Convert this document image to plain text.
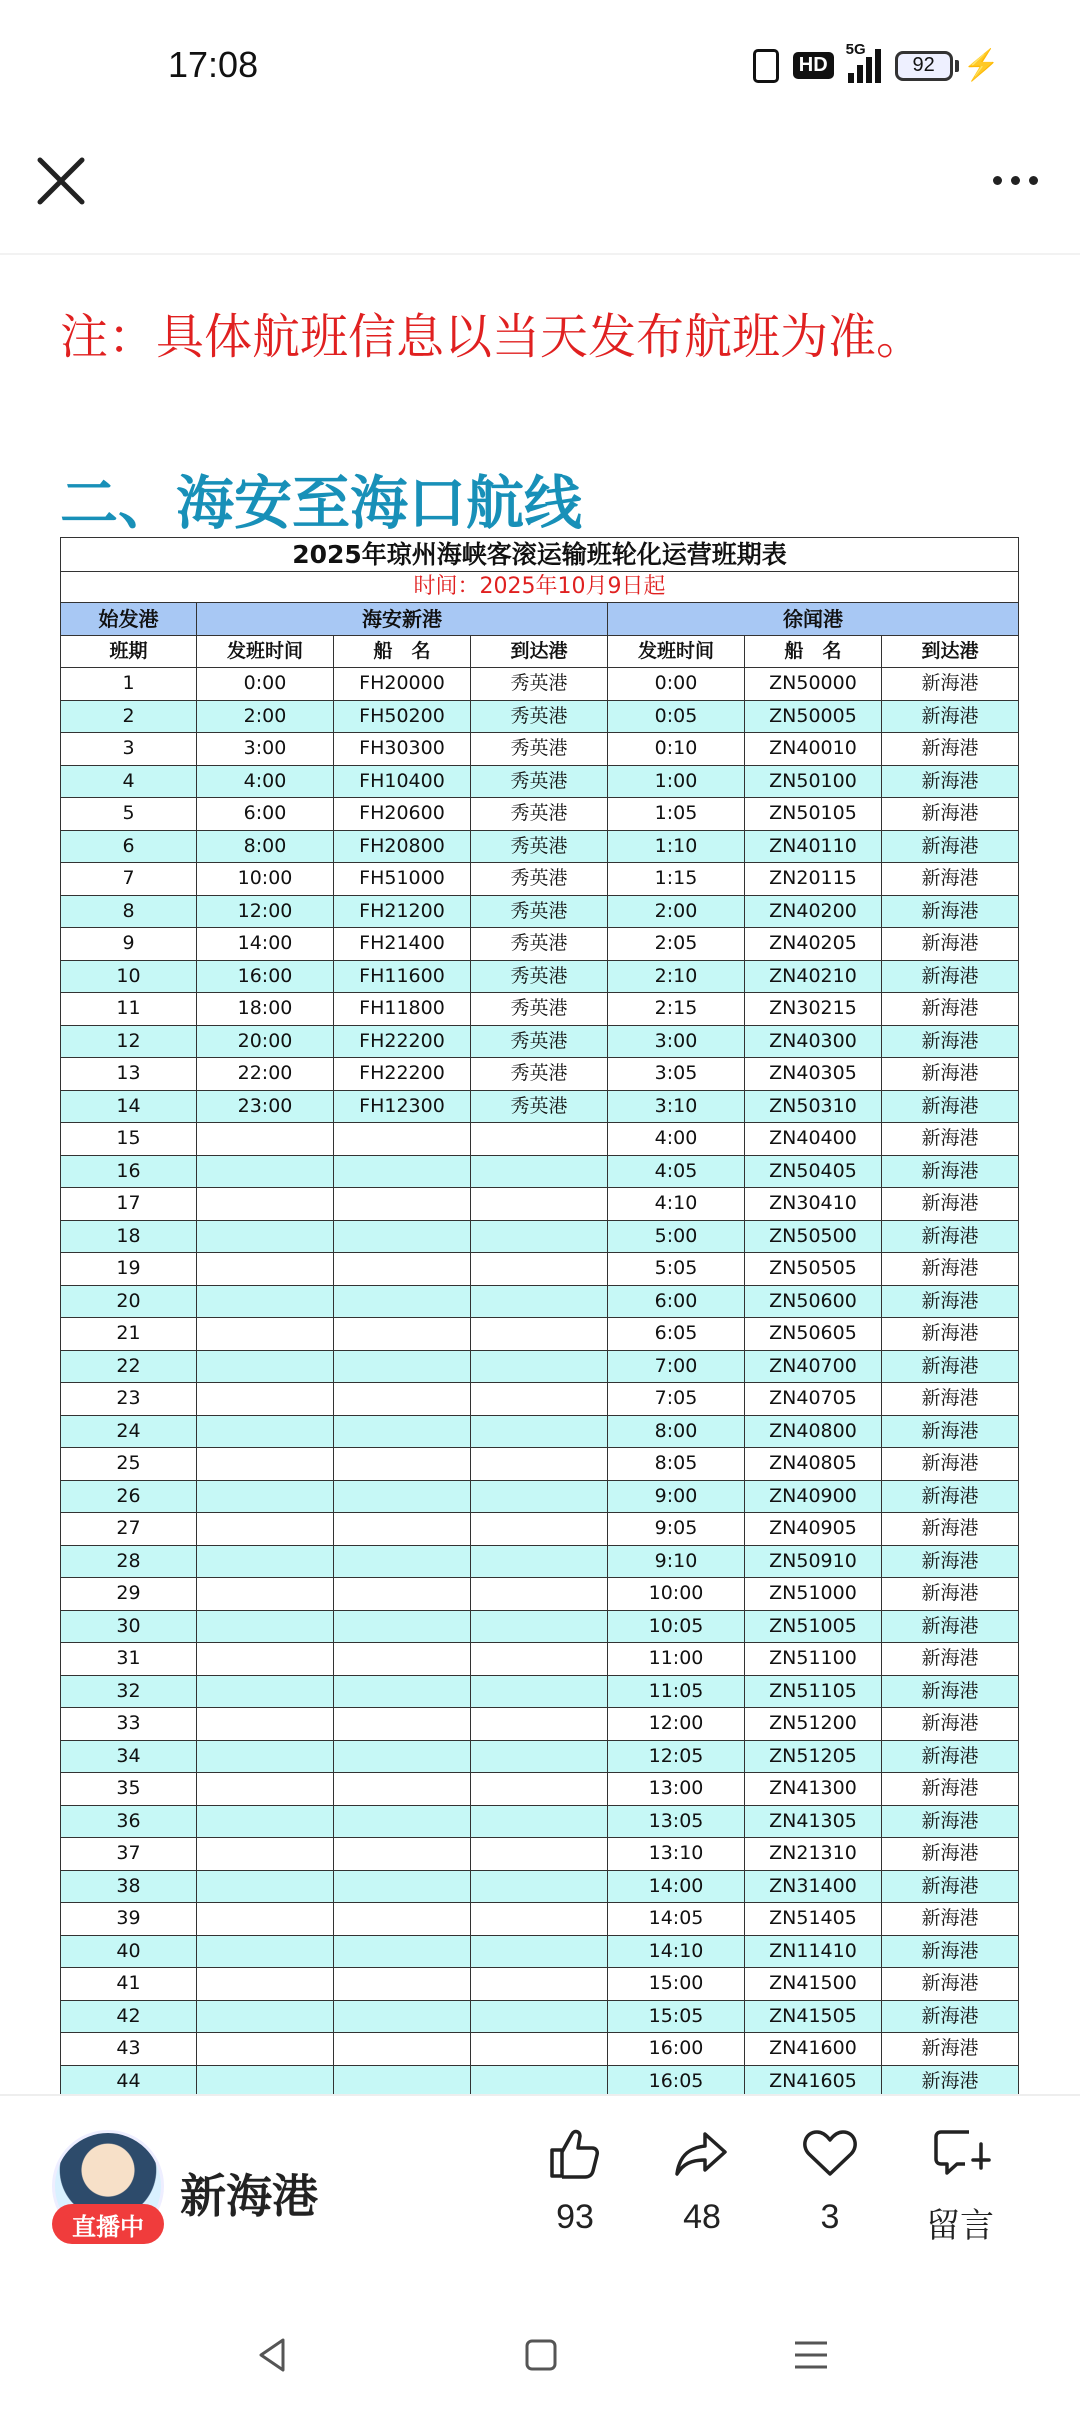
17:08	HD
5G
92 ⚡
注：具体航班信息以当天发布航班为准。
二、海安至海口航线
2025年琼州海峡客滚运输班轮化运营班期表						
时间：2025年10月9日起						
始发港	海安新港			徐闻港		
班期	发班时间	船　名	到达港	发班时间	船　名	到达港
1	0:00	FH20000	秀英港	0:00	ZN50000	新海港
2	2:00	FH50200	秀英港	0:05	ZN50005	新海港
3	3:00	FH30300	秀英港	0:10	ZN40010	新海港
4	4:00	FH10400	秀英港	1:00	ZN50100	新海港
5	6:00	FH20600	秀英港	1:05	ZN50105	新海港
6	8:00	FH20800	秀英港	1:10	ZN40110	新海港
7	10:00	FH51000	秀英港	1:15	ZN20115	新海港
8	12:00	FH21200	秀英港	2:00	ZN40200	新海港
9	14:00	FH21400	秀英港	2:05	ZN40205	新海港
10	16:00	FH11600	秀英港	2:10	ZN40210	新海港
11	18:00	FH11800	秀英港	2:15	ZN30215	新海港
12	20:00	FH22200	秀英港	3:00	ZN40300	新海港
13	22:00	FH22200	秀英港	3:05	ZN40305	新海港
14	23:00	FH12300	秀英港	3:10	ZN50310	新海港
15				4:00	ZN40400	新海港
16				4:05	ZN50405	新海港
17				4:10	ZN30410	新海港
18				5:00	ZN50500	新海港
19				5:05	ZN50505	新海港
20				6:00	ZN50600	新海港
21				6:05	ZN50605	新海港
22				7:00	ZN40700	新海港
23				7:05	ZN40705	新海港
24				8:00	ZN40800	新海港
25				8:05	ZN40805	新海港
26				9:00	ZN40900	新海港
27				9:05	ZN40905	新海港
28				9:10	ZN50910	新海港
29				10:00	ZN51000	新海港
30				10:05	ZN51005	新海港
31				11:00	ZN51100	新海港
32				11:05	ZN51105	新海港
33				12:00	ZN51200	新海港
34				12:05	ZN51205	新海港
35				13:00	ZN41300	新海港
36				13:05	ZN41305	新海港
37				13:10	ZN21310	新海港
38				14:00	ZN31400	新海港
39				14:05	ZN51405	新海港
40				14:10	ZN11410	新海港
41				15:00	ZN41500	新海港
42				15:05	ZN41505	新海港
43				16:00	ZN41600	新海港
44				16:05	ZN41605	新海港
直播中
新海港	93	48	3	留言
